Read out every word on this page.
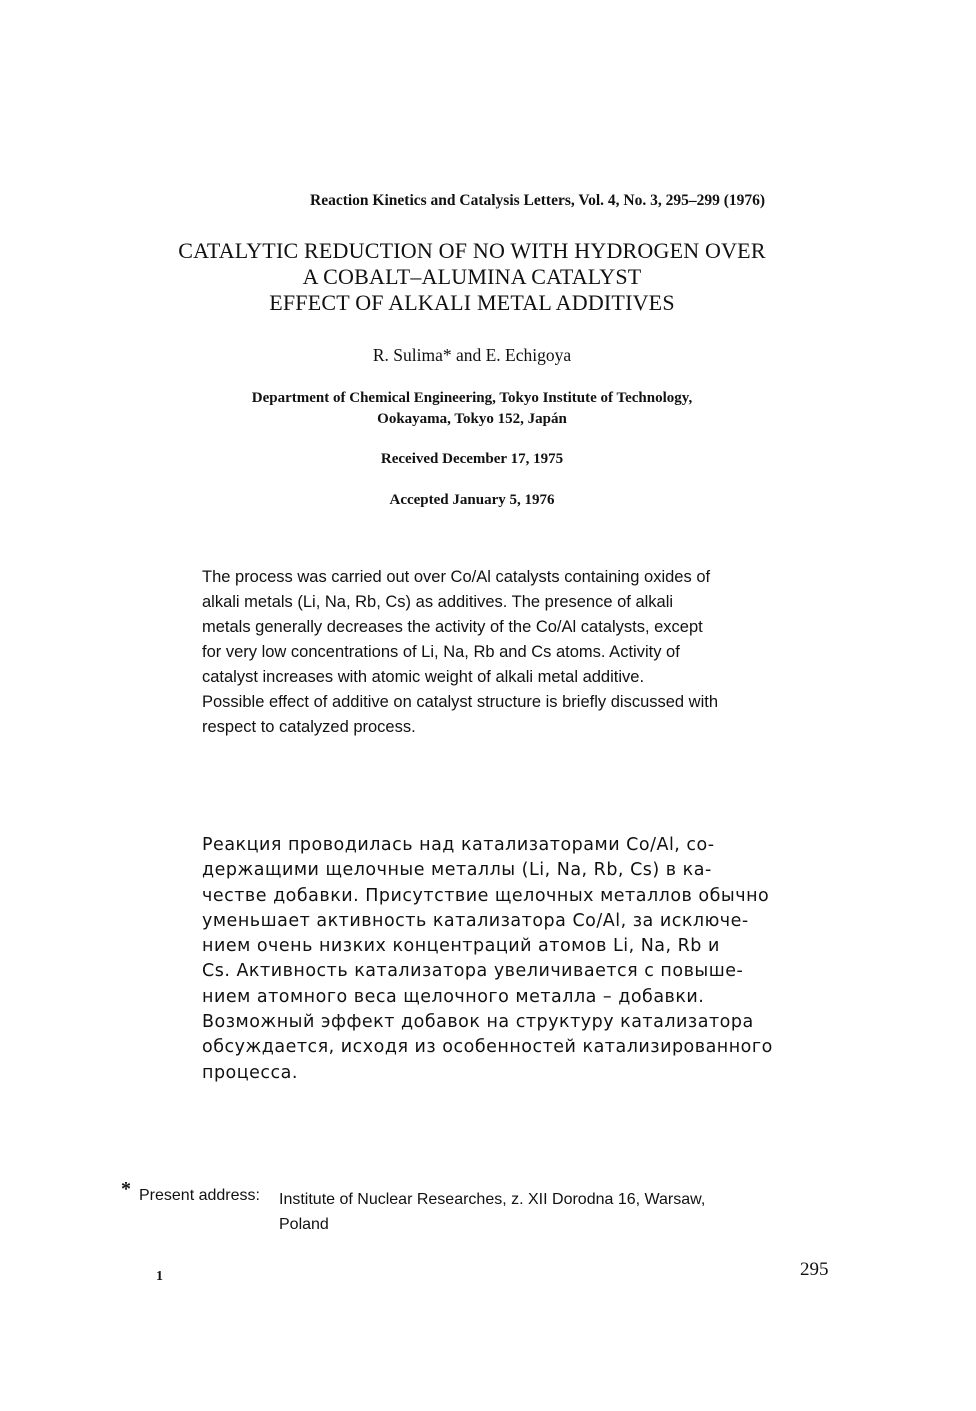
Reaction Kinetics and Catalysis Letters, Vol. 4, No. 3, 295–299 (1976)
CATALYTIC REDUCTION OF NO WITH HYDROGEN OVER
A COBALT–ALUMINA CATALYST
EFFECT OF ALKALI METAL ADDITIVES
R. Sulima* and E. Echigoya
Department of Chemical Engineering, Tokyo Institute of Technology,
Ookayama, Tokyo 152, Japán
Received December 17, 1975
Accepted January 5, 1976
The process was carried out over Co/Al catalysts containing oxides of
alkali metals (Li, Na, Rb, Cs) as additives. The presence of alkali
metals generally decreases the activity of the Co/Al catalysts, except
for very low concentrations of Li, Na, Rb and Cs atoms. Activity of
catalyst increases with atomic weight of alkali metal additive.
Possible effect of additive on catalyst structure is briefly discussed with
respect to catalyzed process.
Реакция проводилась над катализаторами Co/Al, со-
держащими щелочные металлы (Li, Na, Rb, Cs) в ка-
честве добавки. Присутствие щелочных металлов обычно
уменьшает активность катализатора Co/Al, за исключе-
нием очень низких концентраций атомов Li, Na, Rb и
Cs. Активность катализатора увеличивается с повыше-
нием атомного веса щелочного металла – добавки.
Возможный эффект добавок на структуру катализатора
обсуждается, исходя из особенностей катализированного
процесса.
* Present address: Institute of Nuclear Researches, z. XII Dorodna 16, Warsaw,
Poland
1	295
